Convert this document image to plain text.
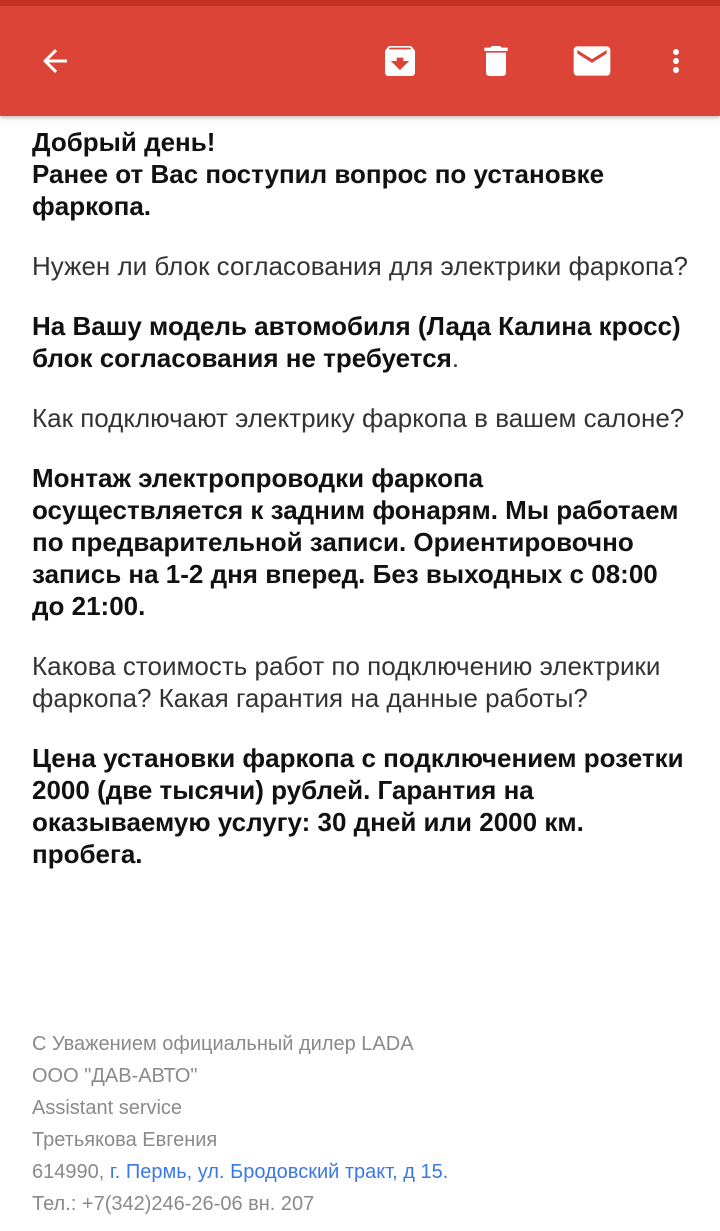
Добрый день!

Ранее от Вас поступил вопрос по установке фаркопа.

Нужен ли блок согласования для электрики фаркопа?

На Вашу модель автомобиля (Лада Калина кросс) блок согласования не требуется.

Как подключают электрику фаркопа в вашем салоне?

Монтаж электропроводки фаркопа осуществляется к задним фонарям. Мы работаем по предварительной записи. Ориентировочно запись на 1-2 дня вперед. Без выходных с 08:00 до 21:00.

Какова стоимость работ по подключению электрики фаркопа? Какая гарантия на данные работы?

Цена установки фаркопа с подключением розетки 2000 (две тысячи) рублей. Гарантия на оказываемую услугу: 30 дней или 2000 км. пробега.

С Уважением официальный дилер LADA
ООО "ДАВ-АВТО"
Assistant service
Третьякова Евгения
614990, г. Пермь, ул. Бродовский тракт, д 15.
Тел.: +7(342)246-26-06 вн. 207
